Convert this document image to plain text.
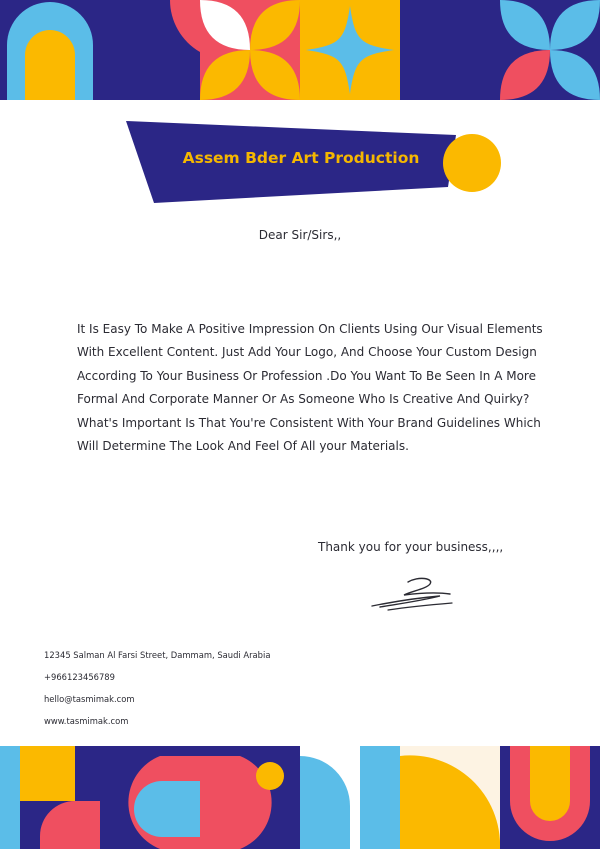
Assem Bder Art Production
Dear Sir/Sirs,,
It Is Easy To Make A Positive Impression On Clients Using Our Visual Elements With Excellent Content. Just Add Your Logo, And Choose Your Custom Design According To Your Business Or Profession .Do You Want To Be Seen In A More Formal And Corporate Manner Or As Someone Who Is Creative And Quirky? What's Important Is That You're Consistent With Your Brand Guidelines Which Will Determine The Look And Feel Of All your Materials.
Thank you for your business,,,,
12345 Salman Al Farsi Street, Dammam, Saudi Arabia
+966123456789
hello@tasmimak.com
www.tasmimak.com
